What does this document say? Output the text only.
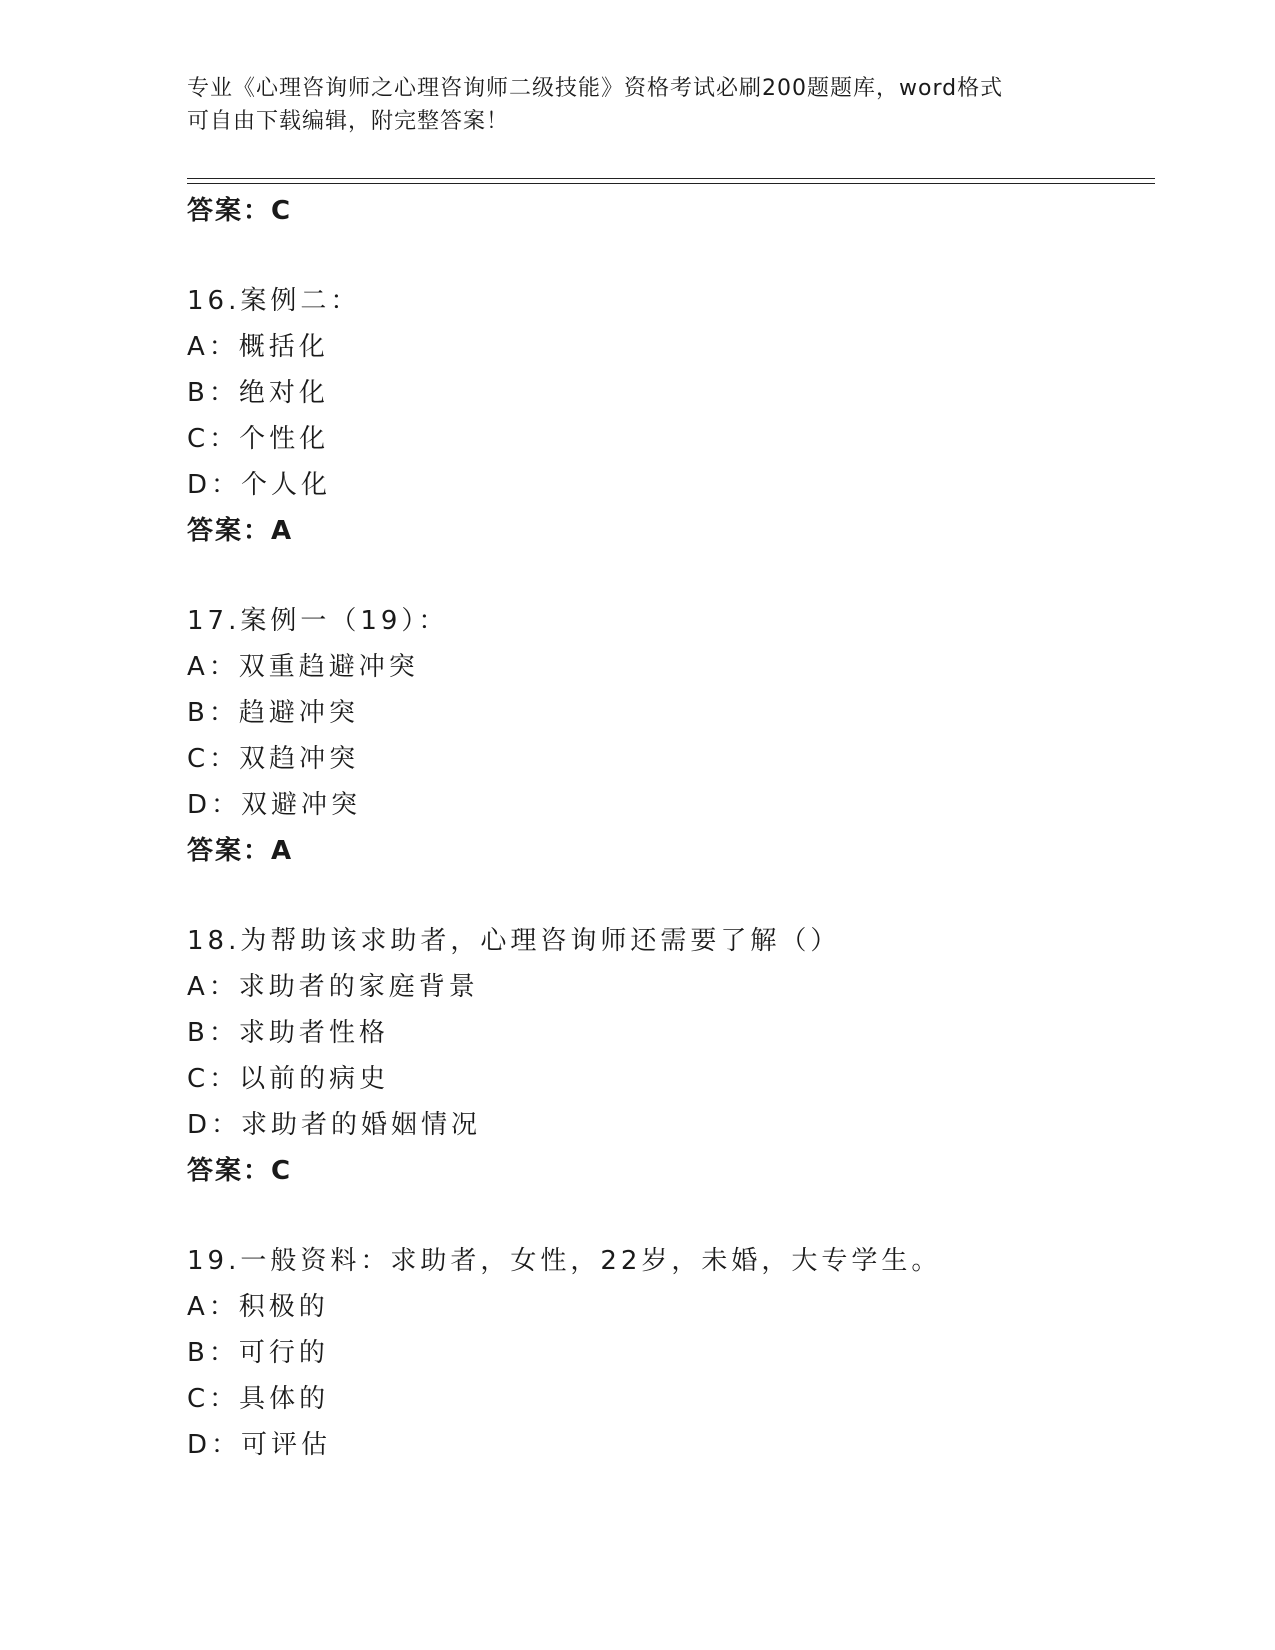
专业《心理咨询师之心理咨询师二级技能》资格考试必刷200题题库，word格式
可自由下载编辑，附完整答案！
答案：C
16.案例二：
A：概括化
B：绝对化
C：个性化
D：个人化
答案：A
17.案例一（19）：
A：双重趋避冲突
B：趋避冲突
C：双趋冲突
D：双避冲突
答案：A
18.为帮助该求助者，心理咨询师还需要了解（）
A：求助者的家庭背景
B：求助者性格
C：以前的病史
D：求助者的婚姻情况
答案：C
19.一般资料：求助者，女性，22岁，未婚，大专学生。
A：积极的
B：可行的
C：具体的
D：可评估
